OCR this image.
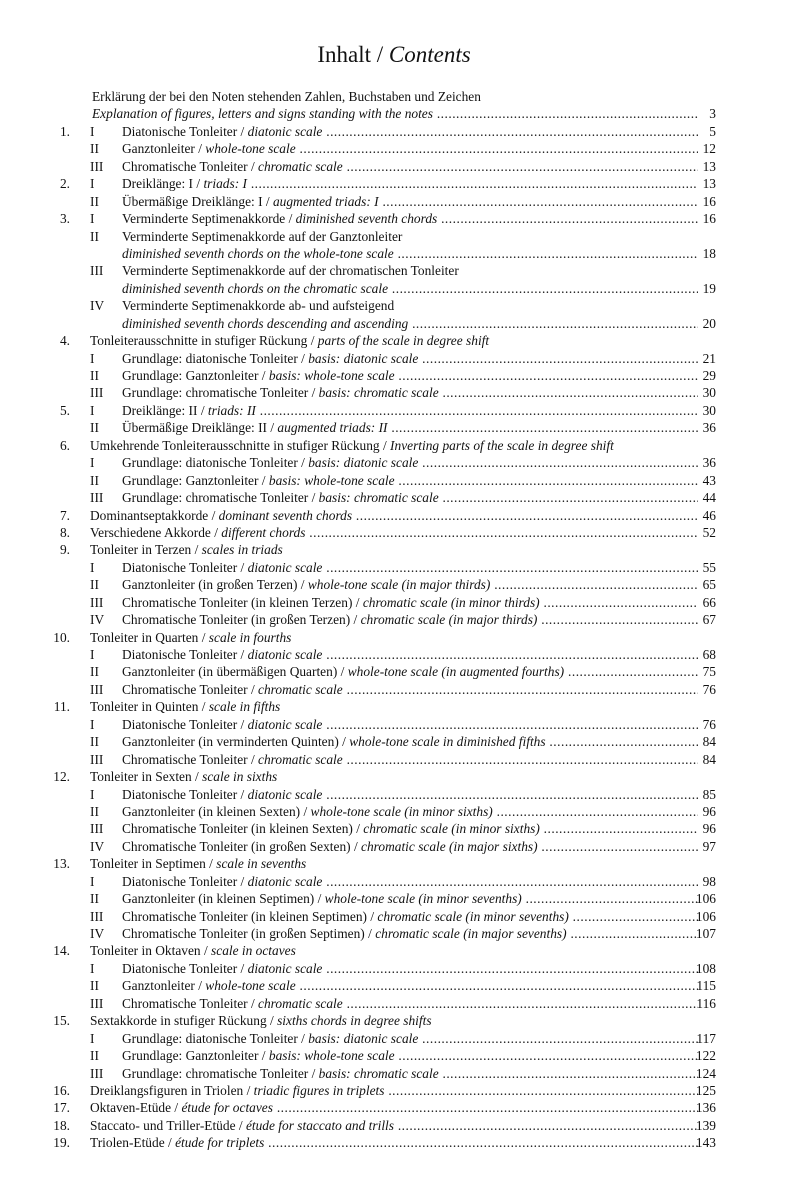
Inhalt / Contents
Erklärung der bei den Noten stehenden Zahlen, Buchstaben und Zeichen
Explanation of figures, letters and signs standing with the notes .....	3
1. I Diatonische Tonleiter / diatonic scale .....	5
II Ganztonleiter / whole-tone scale .....	12
III Chromatische Tonleiter / chromatic scale .....	13
2. I Dreiklänge: I / triads: I .....	13
II Übermäßige Dreiklänge: I / augmented triads: I .....	16
3. I Verminderte Septimenakkorde / diminished seventh chords .....	16
II Verminderte Septimenakkorde auf der Ganztonleiter
diminished seventh chords on the whole-tone scale .....	18
III Verminderte Septimenakkorde auf der chromatischen Tonleiter
diminished seventh chords on the chromatic scale .....	19
IV Verminderte Septimenakkorde ab- und aufsteigend
diminished seventh chords descending and ascending .....	20
4. Tonleiterausschnitte in stufiger Rückung / parts of the scale in degree shift
I Grundlage: diatonische Tonleiter / basis: diatonic scale .....	21
II Grundlage: Ganztonleiter / basis: whole-tone scale .....	29
III Grundlage: chromatische Tonleiter / basis: chromatic scale .....	30
5. I Dreiklänge: II / triads: II .....	30
II Übermäßige Dreiklänge: II / augmented triads: II .....	36
6. Umkehrende Tonleiterausschnitte in stufiger Rückung / Inverting parts of the scale in degree shift
I Grundlage: diatonische Tonleiter / basis: diatonic scale .....	36
II Grundlage: Ganztonleiter / basis: whole-tone scale .....	43
III Grundlage: chromatische Tonleiter / basis: chromatic scale .....	44
7. Dominantseptakkorde / dominant seventh chords .....	46
8. Verschiedene Akkorde / different chords .....	52
9. Tonleiter in Terzen / scales in triads
I Diatonische Tonleiter / diatonic scale .....	55
II Ganztonleiter (in großen Terzen) / whole-tone scale (in major thirds) .....	65
III Chromatische Tonleiter (in kleinen Terzen) / chromatic scale (in minor thirds) .....	66
IV Chromatische Tonleiter (in großen Terzen) / chromatic scale (in major thirds) .....	67
10. Tonleiter in Quarten / scale in fourths
I Diatonische Tonleiter / diatonic scale .....	68
II Ganztonleiter (in übermäßigen Quarten) / whole-tone scale (in augmented fourths) .....	75
III Chromatische Tonleiter / chromatic scale .....	76
11. Tonleiter in Quinten / scale in fifths
I Diatonische Tonleiter / diatonic scale .....	76
II Ganztonleiter (in verminderten Quinten) / whole-tone scale in diminished fifths .....	84
III Chromatische Tonleiter / chromatic scale .....	84
12. Tonleiter in Sexten / scale in sixths
I Diatonische Tonleiter / diatonic scale .....	85
II Ganztonleiter (in kleinen Sexten) / whole-tone scale (in minor sixths) .....	96
III Chromatische Tonleiter (in kleinen Sexten) / chromatic scale (in minor sixths) .....	96
IV Chromatische Tonleiter (in großen Sexten) / chromatic scale (in major sixths) .....	97
13. Tonleiter in Septimen / scale in sevenths
I Diatonische Tonleiter / diatonic scale .....	98
II Ganztonleiter (in kleinen Septimen) / whole-tone scale (in minor sevenths) .....	106
III Chromatische Tonleiter (in kleinen Septimen) / chromatic scale (in minor sevenths) .....	106
IV Chromatische Tonleiter (in großen Septimen) / chromatic scale (in major sevenths) .....	107
14. Tonleiter in Oktaven / scale in octaves
I Diatonische Tonleiter / diatonic scale .....	108
II Ganztonleiter / whole-tone scale .....	115
III Chromatische Tonleiter / chromatic scale .....	116
15. Sextakkorde in stufiger Rückung / sixths chords in degree shifts
I Grundlage: diatonische Tonleiter / basis: diatonic scale .....	117
II Grundlage: Ganztonleiter / basis: whole-tone scale .....	122
III Grundlage: chromatische Tonleiter / basis: chromatic scale .....	124
16. Dreiklangsfiguren in Triolen / triadic figures in triplets .....	125
17. Oktaven-Etüde / étude for octaves .....	136
18. Staccato- und Triller-Etüde / étude for staccato and trills .....	139
19. Triolen-Etüde / étude for triplets .....	143
